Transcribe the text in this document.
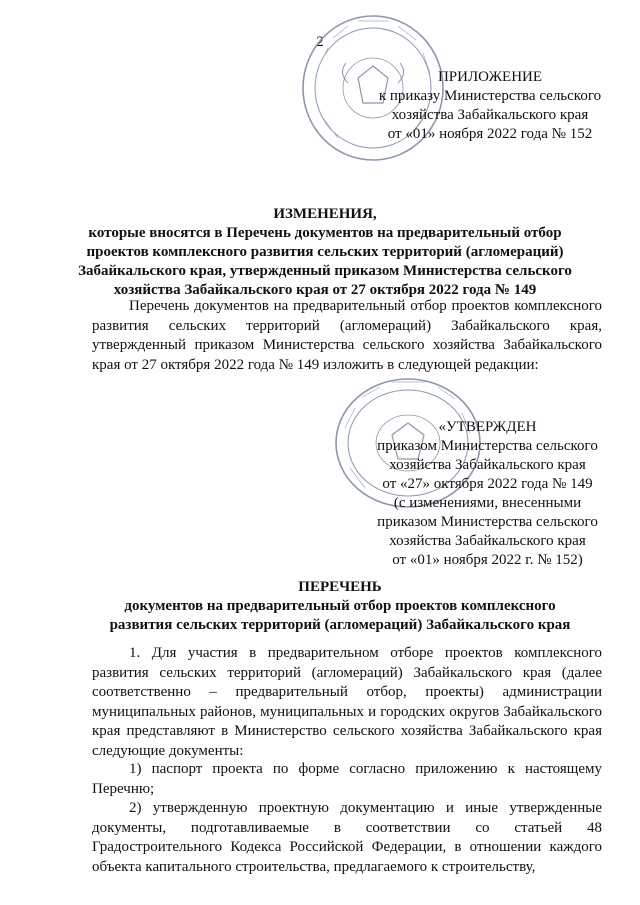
2
ПРИЛОЖЕНИЕ
к приказу Министерства сельского
хозяйства Забайкальского края
от «01» ноября 2022 года № 152
ИЗМЕНЕНИЯ,
которые вносятся в Перечень документов на предварительный отбор
проектов комплексного развития сельских территорий (агломераций)
Забайкальского края, утвержденный приказом Министерства сельского
хозяйства Забайкальского края от 27 октября 2022 года № 149
Перечень документов на предварительный отбор проектов комплексного развития сельских территорий (агломераций) Забайкальского края, утвержденный приказом Министерства сельского хозяйства Забайкальского края от 27 октября 2022 года № 149 изложить в следующей редакции:
«УТВЕРЖДЕН
приказом Министерства сельского
хозяйства Забайкальского края
от «27» октября 2022 года № 149
(с изменениями, внесенными
приказом Министерства сельского
хозяйства Забайкальского края
от «01» ноября 2022 г. № 152)
ПЕРЕЧЕНЬ
документов на предварительный отбор проектов комплексного
развития сельских территорий (агломераций) Забайкальского края
1. Для участия в предварительном отборе проектов комплексного развития сельских территорий (агломераций) Забайкальского края (далее соответственно – предварительный отбор, проекты) администрации муниципальных районов, муниципальных и городских округов Забайкальского края представляют в Министерство сельского хозяйства Забайкальского края следующие документы:
1) паспорт проекта по форме согласно приложению к настоящему Перечню;
2) утвержденную проектную документацию и иные утвержденные документы, подготавливаемые в соответствии со статьей 48 Градостроительного Кодекса Российской Федерации, в отношении каждого объекта капитального строительства, предлагаемого к строительству,
